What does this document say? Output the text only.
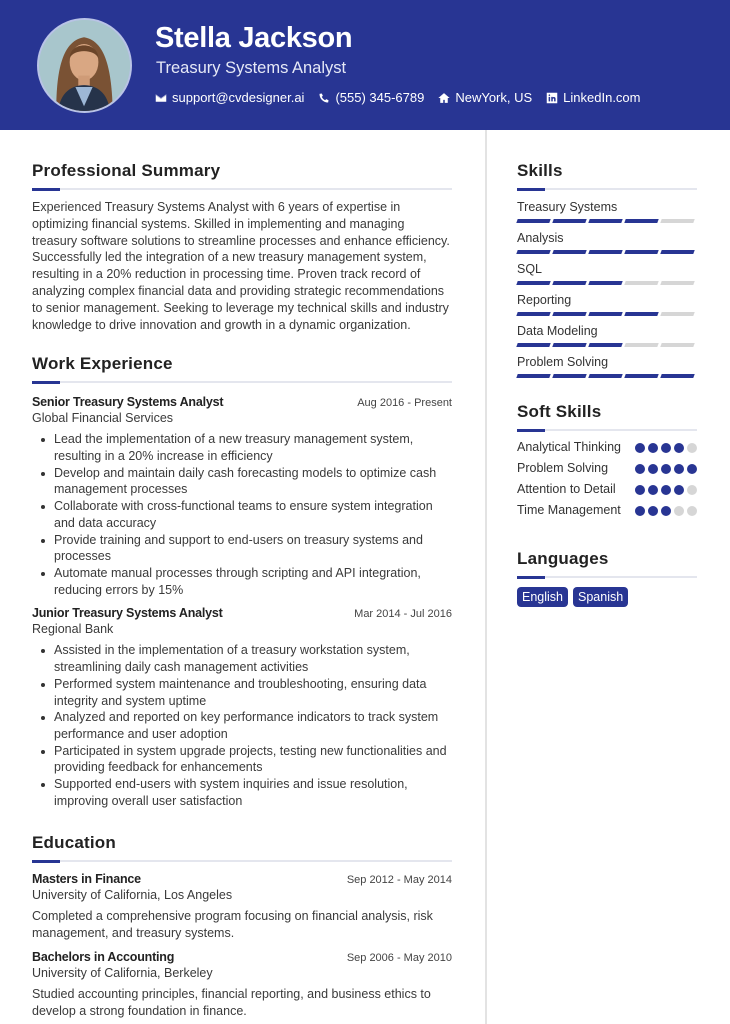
Stella Jackson
Treasury Systems Analyst
support@cvdesigner.ai (555) 345-6789 NewYork, US LinkedIn.com
Professional Summary

Experienced Treasury Systems Analyst with 6 years of expertise in optimizing financial systems. Skilled in implementing and managing treasury software solutions to streamline processes and enhance efficiency. Successfully led the integration of a new treasury management system, resulting in a 20% reduction in processing time. Proven track record of analyzing complex financial data and providing strategic recommendations to senior management. Seeking to leverage my technical skills and industry knowledge to drive innovation and growth in a dynamic organization.

Work Experience
Senior Treasury Systems Analyst	Aug 2016 - Present
Global Financial Services
Lead the implementation of a new treasury management system, resulting in a 20% increase in efficiency
Develop and maintain daily cash forecasting models to optimize cash management processes
Collaborate with cross-functional teams to ensure system integration and data accuracy
Provide training and support to end-users on treasury systems and processes
Automate manual processes through scripting and API integration, reducing errors by 15%
Junior Treasury Systems Analyst	Mar 2014 - Jul 2016
Regional Bank
Assisted in the implementation of a treasury workstation system, streamlining daily cash management activities
Performed system maintenance and troubleshooting, ensuring data integrity and system uptime
Analyzed and reported on key performance indicators to track system performance and user adoption
Participated in system upgrade projects, testing new functionalities and providing feedback for enhancements
Supported end-users with system inquiries and issue resolution, improving overall user satisfaction
Education
Masters in Finance	Sep 2012 - May 2014
University of California, Los Angeles

Completed a comprehensive program focusing on financial analysis, risk management, and treasury systems.

Bachelors in Accounting	Sep 2006 - May 2010
University of California, Berkeley

Studied accounting principles, financial reporting, and business ethics to develop a strong foundation in finance.

Skills
Treasury Systems
Analysis
SQL
Reporting
Data Modeling
Problem Solving
Soft Skills
Analytical Thinking
Problem Solving
Attention to Detail
Time Management
Languages
English	Spanish
